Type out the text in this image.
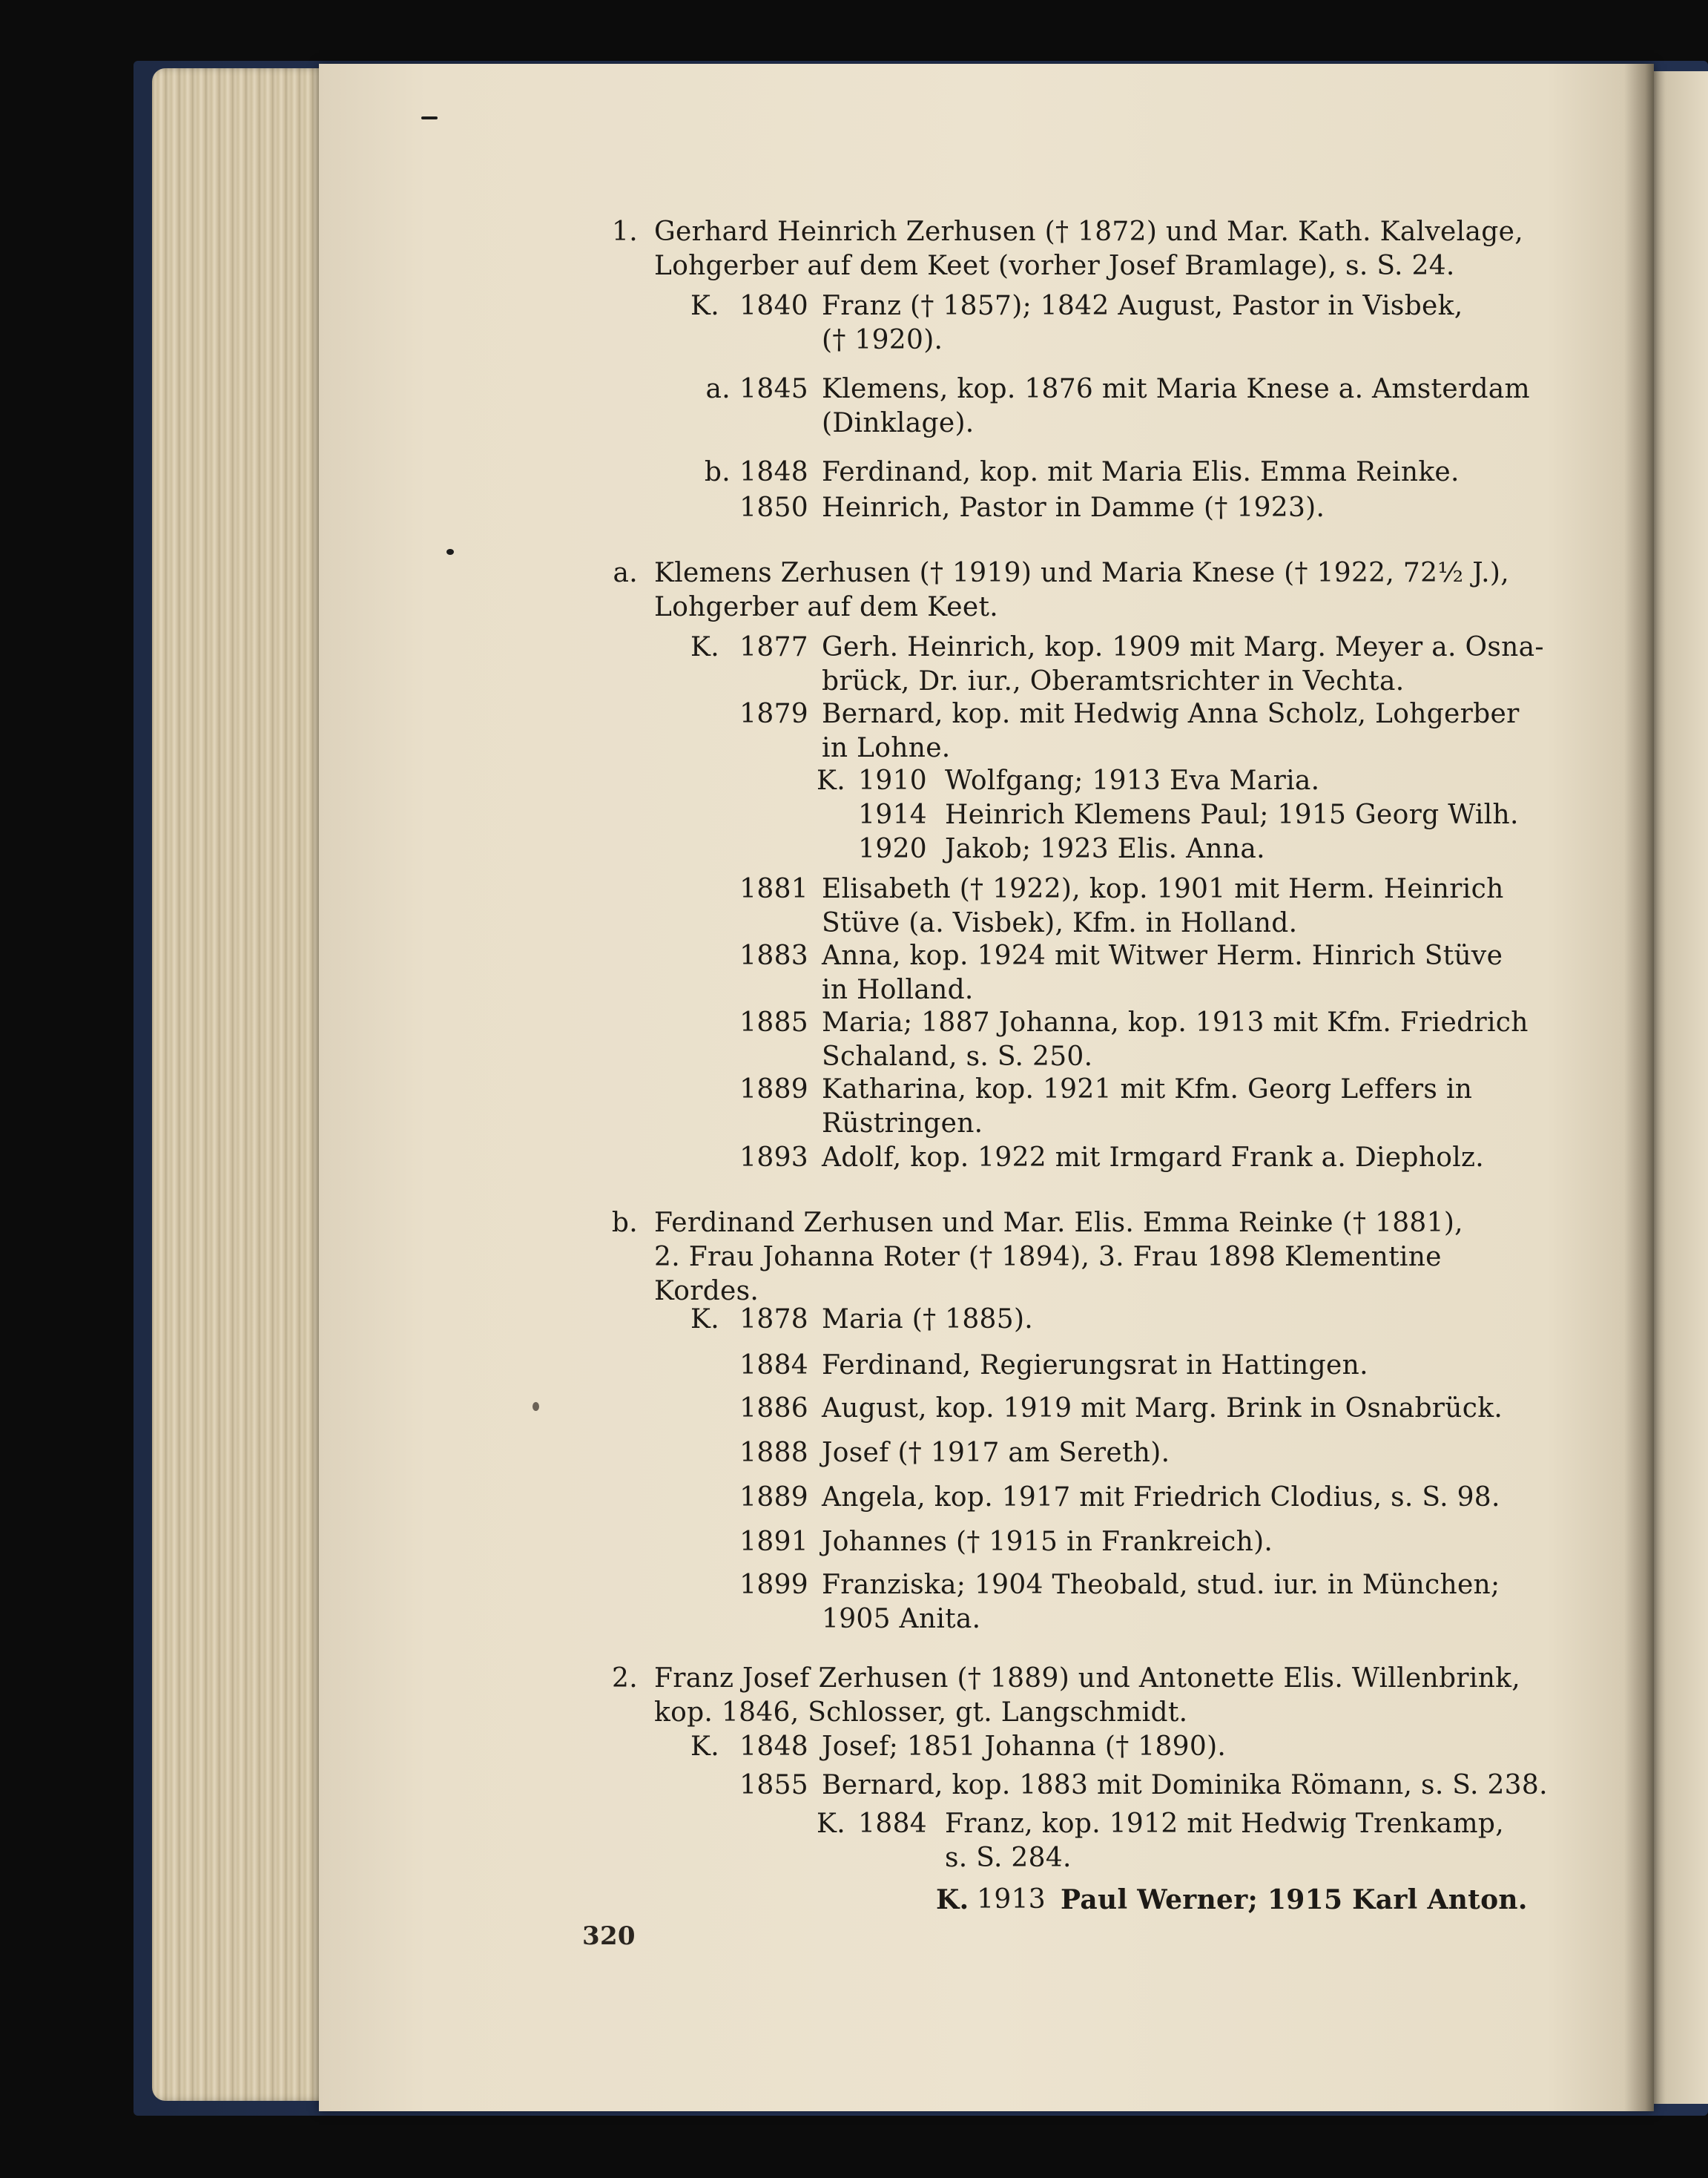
1. Gerhard Heinrich Zerhusen († 1872) und Mar. Kath. Kalvelage,
Lohgerber auf dem Keet (vorher Josef Bramlage), s. S. 24.
K. 1840 Franz († 1857); 1842 August, Pastor in Visbek,
(† 1920).
a. 1845 Klemens, kop. 1876 mit Maria Knese a. Amsterdam
(Dinklage).
b. 1848 Ferdinand, kop. mit Maria Elis. Emma Reinke.
1850 Heinrich, Pastor in Damme († 1923).
a. Klemens Zerhusen († 1919) und Maria Knese († 1922, 72½ J.),
Lohgerber auf dem Keet.
K. 1877 Gerh. Heinrich, kop. 1909 mit Marg. Meyer a. Osna-
brück, Dr. iur., Oberamtsrichter in Vechta.
1879 Bernard, kop. mit Hedwig Anna Scholz, Lohgerber
in Lohne.
K. 1910 Wolfgang; 1913 Eva Maria.
1914 Heinrich Klemens Paul; 1915 Georg Wilh.
1920 Jakob; 1923 Elis. Anna.
1881 Elisabeth († 1922), kop. 1901 mit Herm. Heinrich
Stüve (a. Visbek), Kfm. in Holland.
1883 Anna, kop. 1924 mit Witwer Herm. Hinrich Stüve
in Holland.
1885 Maria; 1887 Johanna, kop. 1913 mit Kfm. Friedrich
Schaland, s. S. 250.
1889 Katharina, kop. 1921 mit Kfm. Georg Leffers in
Rüstringen.
1893 Adolf, kop. 1922 mit Irmgard Frank a. Diepholz.
b. Ferdinand Zerhusen und Mar. Elis. Emma Reinke († 1881),
2. Frau Johanna Roter († 1894), 3. Frau 1898 Klementine
Kordes.
K. 1878 Maria († 1885).
1884 Ferdinand, Regierungsrat in Hattingen.
1886 August, kop. 1919 mit Marg. Brink in Osnabrück.
1888 Josef († 1917 am Sereth).
1889 Angela, kop. 1917 mit Friedrich Clodius, s. S. 98.
1891 Johannes († 1915 in Frankreich).
1899 Franziska; 1904 Theobald, stud. iur. in München;
1905 Anita.
2. Franz Josef Zerhusen († 1889) und Antonette Elis. Willenbrink,
kop. 1846, Schlosser, gt. Langschmidt.
K. 1848 Josef; 1851 Johanna († 1890).
1855 Bernard, kop. 1883 mit Dominika Römann, s. S. 238.
K. 1884 Franz, kop. 1912 mit Hedwig Trenkamp,
s. S. 284.
K. 1913 Paul Werner; 1915 Karl Anton.
320
